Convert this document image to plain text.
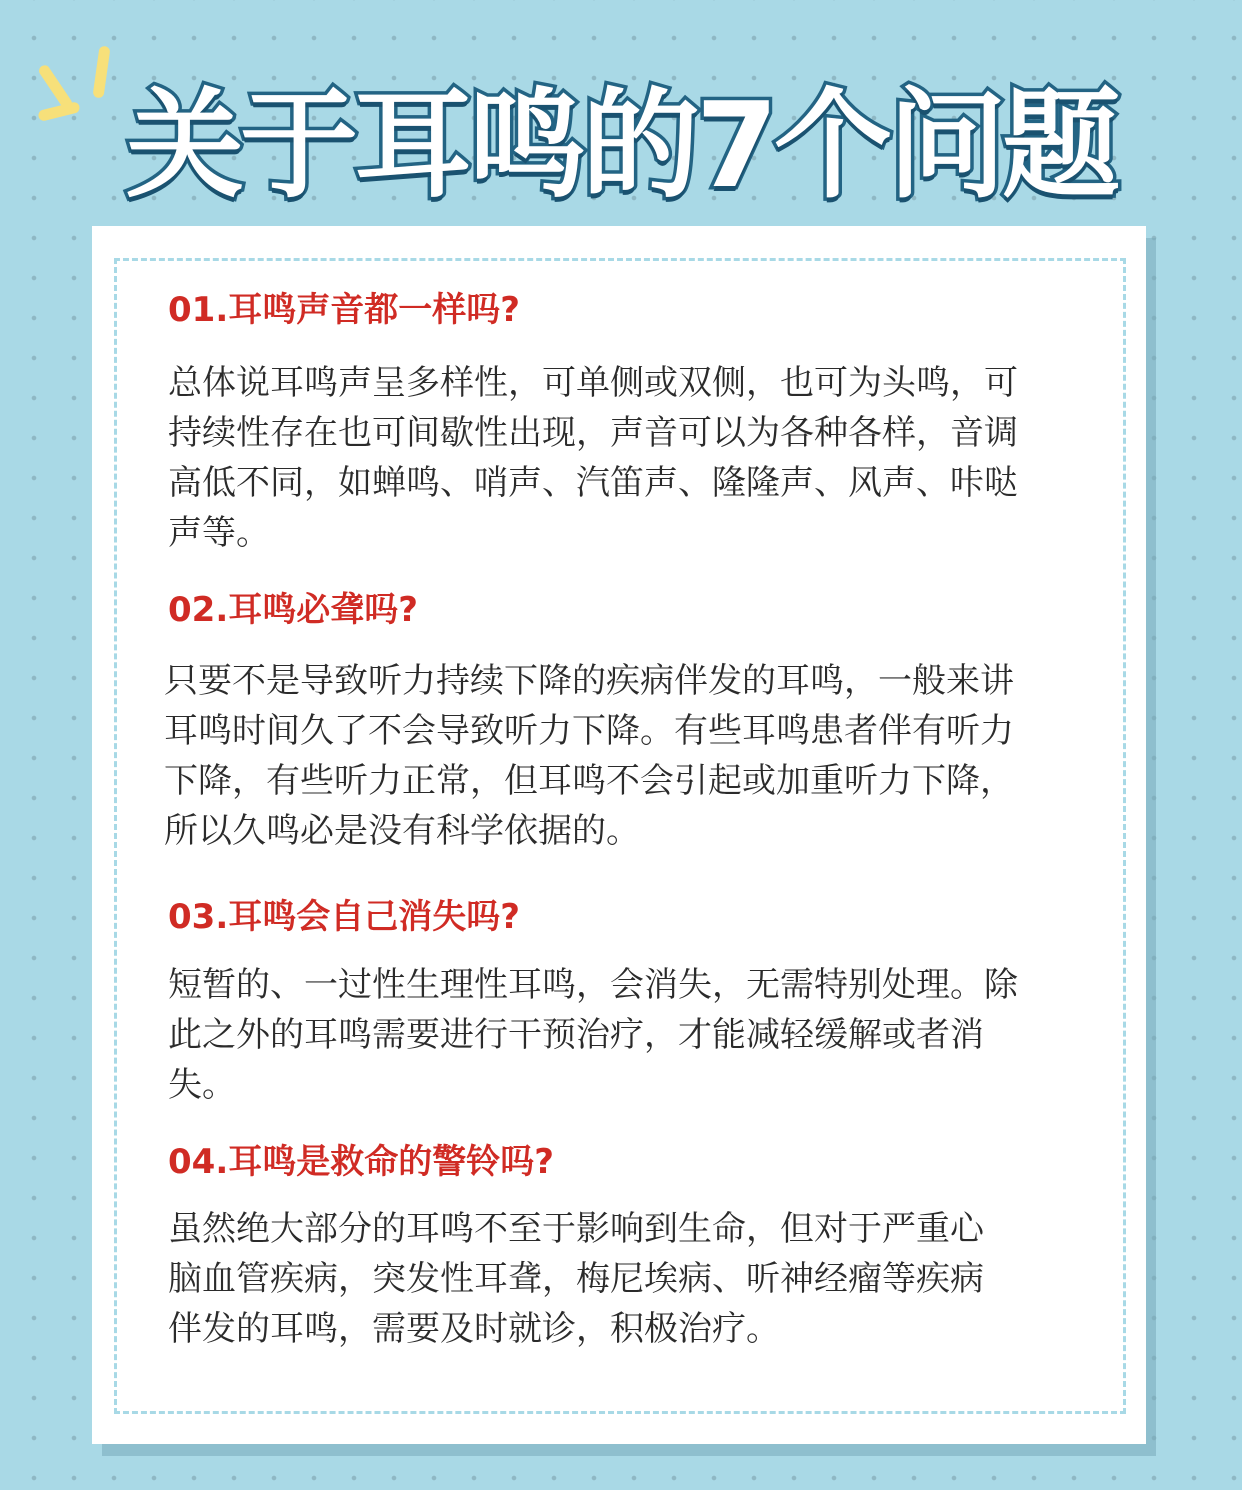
关于耳鸣的7个问题
01.耳鸣声音都一样吗?
总体说耳鸣声呈多样性，可单侧或双侧，也可为头鸣，可
持续性存在也可间歇性出现，声音可以为各种各样，音调
高低不同，如蝉鸣、哨声、汽笛声、隆隆声、风声、咔哒
声等。
02.耳鸣必聋吗?
只要不是导致听力持续下降的疾病伴发的耳鸣，一般来讲
耳鸣时间久了不会导致听力下降。有些耳鸣患者伴有听力
下降，有些听力正常，但耳鸣不会引起或加重听力下降，
所以久鸣必是没有科学依据的。
03.耳鸣会自己消失吗?
短暂的、一过性生理性耳鸣，会消失，无需特别处理。除
此之外的耳鸣需要进行干预治疗，才能减轻缓解或者消
失。
04.耳鸣是救命的警铃吗?
虽然绝大部分的耳鸣不至于影响到生命，但对于严重心
脑血管疾病，突发性耳聋，梅尼埃病、听神经瘤等疾病
伴发的耳鸣，需要及时就诊，积极治疗。
